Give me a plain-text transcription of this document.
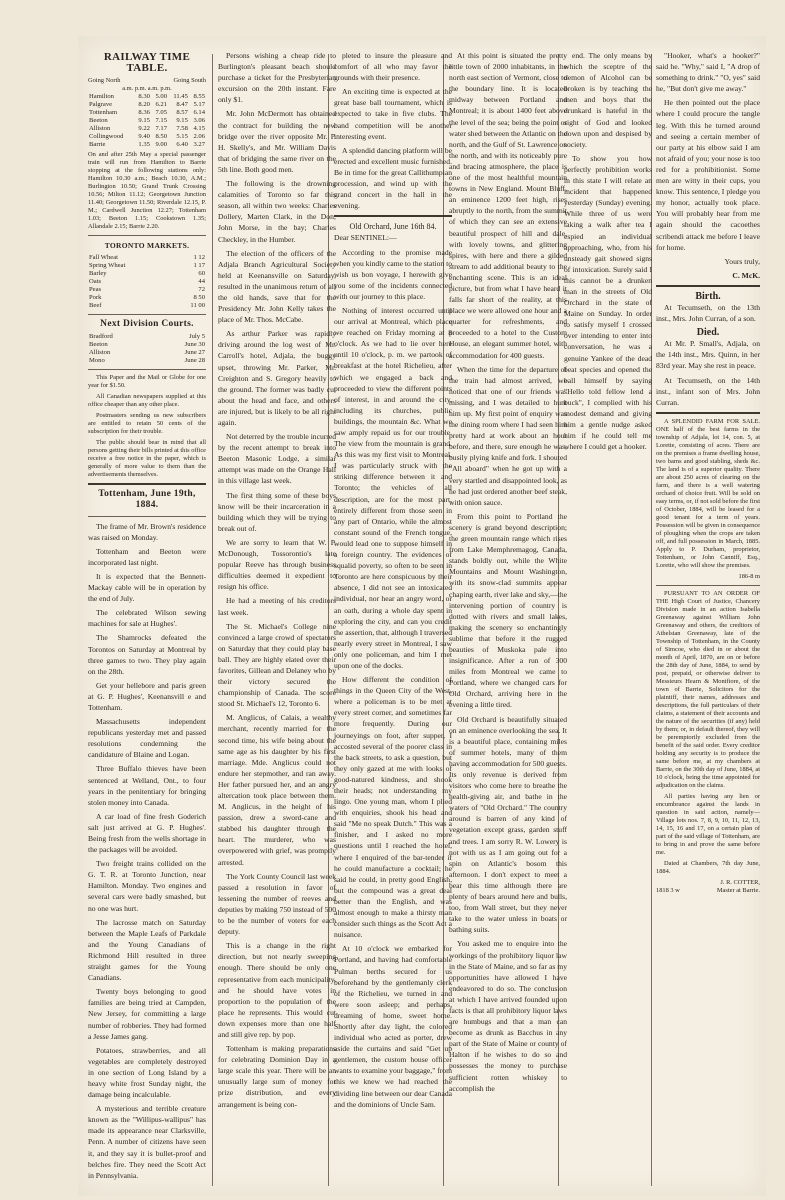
RAILWAY TIME TABLE.
Going North	Going South
a.m. p.m. a.m. p.m.
Hamilton	8.30	5.00	11.45	8.55
Palgrave	8.20	6.21	8.47	5.17
Tottenham	8.36	7.05	8.57	6.14
Beeton	9.15	7.15	9.15	3.06
Alliston	9.22	7.17	7.58	4.15
Collingwood	9.40	8.50	5.15	2.06
Barrie	1.35	9.00	6.40	3.27

On and after 25th May a special passenger train will run from Hamilton to Barrie stopping at the following stations only: Hamilton 10.30 a.m.; Beach 10.30, A.M.; Burlington 10.50; Grand Trunk Crossing 10.56; Milton 11.12; Georgetown Junction 11.40; Georgetown 11.50; Riverdale 12.15, P. M.; Cardwell Junction 12.27; Tottenham 1.03; Beeton 1.15; Cookstown 1.35; Allandale 2.15; Barrie 2.20.

TORONTO MARKETS.
Fall Wheat	1 12
Spring Wheat	1 17
Barley	60
Oats	44
Peas	72
Pork	8 50
Beef	11 00
Next Division Courts.
Bradford	July 5
Beeton	June 30
Alliston	June 27
Mono	June 28

This Paper and the Mail or Globe for one year for $1.50.

All Canadian newspapers supplied at this office cheaper than any other place.

Postmasters sending us new subscribers are entitled to retain 50 cents of the subscription for their trouble.

The public should bear in mind that all persons getting their bills printed at this office receive a free notice in the paper, which is generally of more value to them than the advertisements themselves.

Tottenham, June 19th, 1884.

The frame of Mr. Brown's residence was raised on Monday.

Tottenham and Beeton were incorporated last night.

It is expected that the Bennett-Mackay cable will be in operation by the end of July.

The celebrated Wilson sewing machines for sale at Hughes'.

The Shamrocks defeated the Torontos on Saturday at Montreal by three games to two. They play again on the 28th.

Get your hellebore and paris green at G. P. Hughes', Keenansvill e and Tottenham.

Massachusetts independent republicans yesterday met and passed resolutions condemning the candidature of Blaine and Logan.

Three Buffalo thieves have been sentenced at Welland, Ont., to four years in the penitentiary for bringing stolen money into Canada.

A car load of fine fresh Goderich salt just arrived at G. P. Hughes'. Being fresh from the wells shortage in the packages will be avoided.

Two freight trains collided on the G. T. R. at Toronto Junction, near Hamilton. Monday. Two engines and several cars were badly smashed, but no one was hurt.

The lacrosse match on Saturday between the Maple Leafs of Parkdale and the Young Canadians of Richmond Hill resulted in three straight games for the Young Canadians.

Twenty boys belonging to good families are being tried at Campden, New Jersey, for committing a large number of robberies. They had formed a Jesse James gang.

Potatoes, strawberries, and all vegetables are completely destroyed in one section of Long Island by a heavy white frost Sunday night, the damage being incalculable.

A mysterious and terrible creature known as the "Willipus-wallipus" has made its appearance near Clarksville, Penn. A number of citizens have seen it, and they say it is bullet-proof and belches fire. They need the Scott Act in Pennsylvania.

Persons wishing a cheap ride to Burlington's pleasant beach should purchase a ticket for the Presbyterian excursion on the 20th instant. Fare only $1.

Mr. John McDermott has obtained the contract for building the new bridge over the river opposite Mr. P. H. Skelly's, and Mr. William Davis that of bridging the same river on the 5th line. Both good men.

The following is the drowning calamities of Toronto so far this season, all within two weeks: Charles Dollery, Marten Clark, in the Don; John Morse, in the bay; Charles Checkley, in the Humber.

The election of the officers of the Adjala Branch Agricultural Society held at Keenansville on Saturday, resulted in the unanimous return of all the old hands, save that for the Presidency Mr. John Kelly takes the place of Mr. Thos. McCabe.

As arthur Parker was rapidly driving around the log west of Mr. Carroll's hotel, Adjala, the buggy upset, throwing Mr. Parker, Mr. Creighton and S. Gregory heavily to the ground. The former was badly cut about the head and face, and others are injured, but is likely to be all right again.

Not deterred by the trouble incurred by the recent attempt to break into Beeton Masonic Lodge, a similar attempt was made on the Orange Hall in this village last week.

The first thing some of these boys know will be their incarceration in a building which they will be trying to break out of.

We are sorry to learn that W. P. McDonough, Tossorontio's late popular Reeve has through business difficulties deemed it expedient to resign his office.

He had a meeting of his creditors last week.

The St. Michael's College nine convinced a large crowd of spectators on Saturday that they could play base ball. They are highly elated over their favorites, Gillean and Delaney who by their victory secured the championship of Canada. The score stood St. Michael's 12, Toronto 6.

M. Anglicus, of Calais, a wealthy merchant, recently married for the second time, his wife being about the same age as his daughter by his first marriage. Mde. Anglicus could not endure her stepmother, and ran away. Her father pursued her, and an angry altercation took place between them. M. Anglicus, in the height of his passion, drew a sword-cane and stabbed his daughter through the heart. The murderer, who was overpowered with grief, was promptly arrested.

The York County Council last week passed a resolution in favor of lessening the number of reeves and deputies by making 750 instead of 500 to be the number of voters for each deputy.

This is a change in the right direction, but not nearly sweeping enough. There should be only one representative from each municipality, and he should have votes in proportion to the population of the place he represents. This would cut down expenses more than one half and still give rep. by pop.

Tottenham is making preparations for celebrating Dominion Day in a large scale this year. There will be an unusually large sum of money for prize distribution, and every arrangement is being con-

pleted to insure the pleasure and comfort of all who may favor the grounds with their presence.

An exciting time is expected at the great base ball tournament, which is expected to take in five clubs. The band competition will be another interesting event.

A splendid dancing platform will be erected and excellent music furnished. Be in time for the great Callithumpian procession, and wind up with the grand concert in the hall in the evening.

Old Orchard, June 16th 84.

Dear SENTINEL:—

According to the promise made when you kindly came to the station to wish us bon voyage, I herewith give you some of the incidents connected with our journey to this place.

Nothing of interest occurred until our arrival at Montreal, which place we reached on Friday morning at 8 o'clock. As we had to lie over here until 10 o'clock, p. m. we partook of breakfast at the hotel Richelieu, after which we engaged a back and proceeded to view the different points of interest, in and around the city, including its churches, public buildings, the mountain &c. What we saw amply repaid us for our trouble. The view from the mountain is grand. As this was my first visit to Montreal, I was particularly struck with the striking difference between it and Toronto; the vehicles of all description, are for the most part, entirely different from those seen in any part of Ontario, while the almost constant sound of the French tongue, would lead one to suppose himself in a foreign country. The evidences of squalid poverty, so often to be seen in Toronto are here conspicuous by their absence, I did not see an intoxicated individual, nor hear an angry word, or an oath, during a whole day spent in exploring the city, and can you credit the assertion, that, although I traversed nearly every street in Montreal, I saw only one policeman, and him I met upon one of the docks.

How different the condition of things in the Queen City of the West, where a policeman is to be met at every street corner, and sometimes far more frequently. During our journeyings on foot, after supper, I accosted several of the poorer class in the back streets, to ask a question, but they only gazed at me with looks of good-natured kindness, and shook their heads; not understanding my lingo. One young man, whom I plied with enquiries, shook his head and said "Me no speak Dutch." This was a finisher, and I asked no more questions until I reached the hotel, where I enquired of the bar-tender if he could manufacture a cocktail; he said he could, in pretty good English, but the compound was a great deal better than the English, and was almost enough to make a thirsty man consider such things as the Scott Act a nuisance.

At 10 o'clock we embarked for Portland, and having had comfortable Pulman berths secured for us beforehand by the gentlemanly clerk of the Richelieu, we turned in and were soon asleep; and perhaps, dreaming of home, sweet home. Shortly after day light, the colored individual who acted as porter, drew aside the curtains and said "Get up gentlemen, the custom house officer wants to examine your baggage," from this we knew we had reached the dividing line between our dear Canada and the dominions of Uncle Sam.

At this point is situated the pretty little town of 2000 inhabitants, in the north east section of Vermont, close to the boundary line. It is located midway between Portland and Montreal; it is about 1400 feet above the level of the sea; being the point or water shed between the Atlantic on the north, and the Gulf of St. Lawrence on the north, and with its noticeably pure and bracing atmosphere, the place is one of the most healthful mountain towns in New England. Mount Bluff, an eminence 1200 feet high, rises abruptly to the north, from the summit of which they can see an extensive beautiful prospect of hill and dale, with lovely towns, and glittering spires, with here and there a gilded stream to add additional beauty to the enchanting scene. This is an ideal picture, but from what I have heard it falls far short of the reality, at this place we were allowed one hour and a quarter for refreshments, and proceeded to a hotel to the Custom House, an elegant summer hotel, with accommodation for 400 guests.

When the time for the departure of the train had almost arrived, we noticed that one of our friends was missing, and I was detailed to hunt him up. My first point of enquiry was the dining room where I had seen him pretty hard at work about an hour before, and there, sure enough he was, busily plying knife and fork. I shouted "All aboard" when he got up with a very startled and disappointed look, as he had just ordered another beef steak, with onion sauce.

From this point to Portland the scenery is grand beyond description; the green mountain range which rises from Lake Memphremagog, Canada, stands boldly out, while the White Mountains and Mount Washington, with its snow-clad summits appear chaping earth, river lake and sky,—the intervening portion of country is dotted with rivers and small lakes, making the scenery so enchantingly sublime that before it the rugged beauties of Muskoka pale into insignificance. After a run of 300 miles from Montreal we came to Portland, where we changed cars for Old Orchard, arriving here in the evening a little tired.

Old Orchard is beautifully situated on an eminence overlooking the sea. It is a beautiful place, containing miles of summer hotels, many of them having accommodation for 500 guests. Its only revenue is derived from visitors who come here to breathe the health-giving air, and bathe in the waters of "Old Orchard." The country around is barren of any kind of vegetation except grass, garden stuff and trees. I am sorry R. W. Lowery is not with us as I am going out for a spin on Atlantic's bosom this afternoon. I don't expect to meet a bear this time although there are plenty of bears around here and bulls, too, from Wall street, but they never take to the water unless in boats or bathing suits.

You asked me to enquire into the workings of the prohibitory liquor law in the State of Maine, and so far as my opportunities have allowed I have endeavored to do so. The conclusion at which I have arrived founded upon facts is that all prohibitory liquor laws are humbugs and that a man can become as drunk as Bacchus in any part of the State of Maine or county of Halton if he wishes to do so and possesses the money to purchase sufficient rotten whiskey to accomplish the

end. The only means by which the sceptre of the demon of Alcohol can be broken is by teaching the men and boys that the drunkard is hateful in the sight of God and looked down upon and despised by society.

To show you how perfectly prohibition works in this state I will relate an incident that happened yesterday (Sunday) evening. While three of us were taking a walk after tea I espied an individual approaching, who, from his unsteady gait showed signs of intoxication. Surely said I this cannot be a drunken man in the streets of Old Orchard in the state of Maine on Sunday. In order to satisfy myself I crossed over intending to enter into conversation, he was a genuine Yankee of the dead beat species and opened the ball himself by saying "Hello told fellow lend a buck", I complied with his modest demand and giving him a gentle nudge asked him if he could tell me where I could get a hooker.

"Hooker, what's a hooker?" said he. "Why," said I, "A drop of something to drink." "O, yes" said he, "But don't give me away."

He then pointed out the place where I could procure the tangle leg. With this he turned around and seeing a certain member of our party at his elbow said I am not afraid of you; your nose is too red for a prohibitionist. Some men are witty in their cups, you know. This sentence, I pledge you my honor, actually took place. You will probably hear from me again should the cacoethes scribendi attack me before I leave for home.

Yours truly,

C. McK.

Birth.

At Tecumseth, on the 13th inst., Mrs. John Curran, of a son.

Died.

At Mr. P. Small's, Adjala, on the 14th inst., Mrs. Quinn, in her 83rd year. May she rest in peace.

At Tecumseth, on the 14th inst., infant son of Mrs. John Curran.

A SPLENDID FARM FOR SALE. ONE half of the best farms in the township of Adjala, lot 14, con. 5, at Lorette, consisting of acres. There are on the premises a frame dwelling house, two barns and good stabling, sheds &c. The land is of a superior quality. There are about 250 acres of clearing on the farm, and there is a well watering orchard of choice fruit. Will be sold on easy terms, or, if not sold before the first of October, 1884, will be leased for a good tenant for a term of years. Possession will be given in consequence of ploughing when the crops are taken off, and full possession in March, 1885. Apply to P. Durham, proprietor, Tottenham, or John Canniff, Esq., Lorette, who will show the premises.

186-8 m

PURSUANT TO AN ORDER OF THE High Court of Justice, Chancery Division made in an action Isabella Greenaway against William John Greenaway and others, the creditors of Athelstan Greenaway, late of the Township of Tottenham, in the County of Simcoe, who died in or about the month of April, 1870, are on or before the 28th day of June, 1884, to send by post, prepaid, or otherwise deliver to Messieurs Hearn & Montfiore, of the town of Barrie, Solicitors for the plaintiff, their names, addresses and descriptions, the full particulars of their claims, a statement of their accounts and the nature of the securities (if any) held by them; or, in default thereof, they will be peremptorily excluded from the benefit of the said order. Every creditor holding any security is to produce the same before me, at my chambers at Barrie, on the 30th day of June, 1884, at 10 o'clock, being the time appointed for adjudication on the claims.

All parties having any lien or encumbrance against the lands in question in said action, namely—Village lots nos. 7, 8, 9, 10, 11, 12, 13, 14, 15, 16 and 17, on a certain plan of part of the said village of Tottenham, are to bring in and prove the same before me.

Dated at Chambers, 7th day June, 1884.

J. R. COTTER,
1818 3 w	Master at Barrie.
